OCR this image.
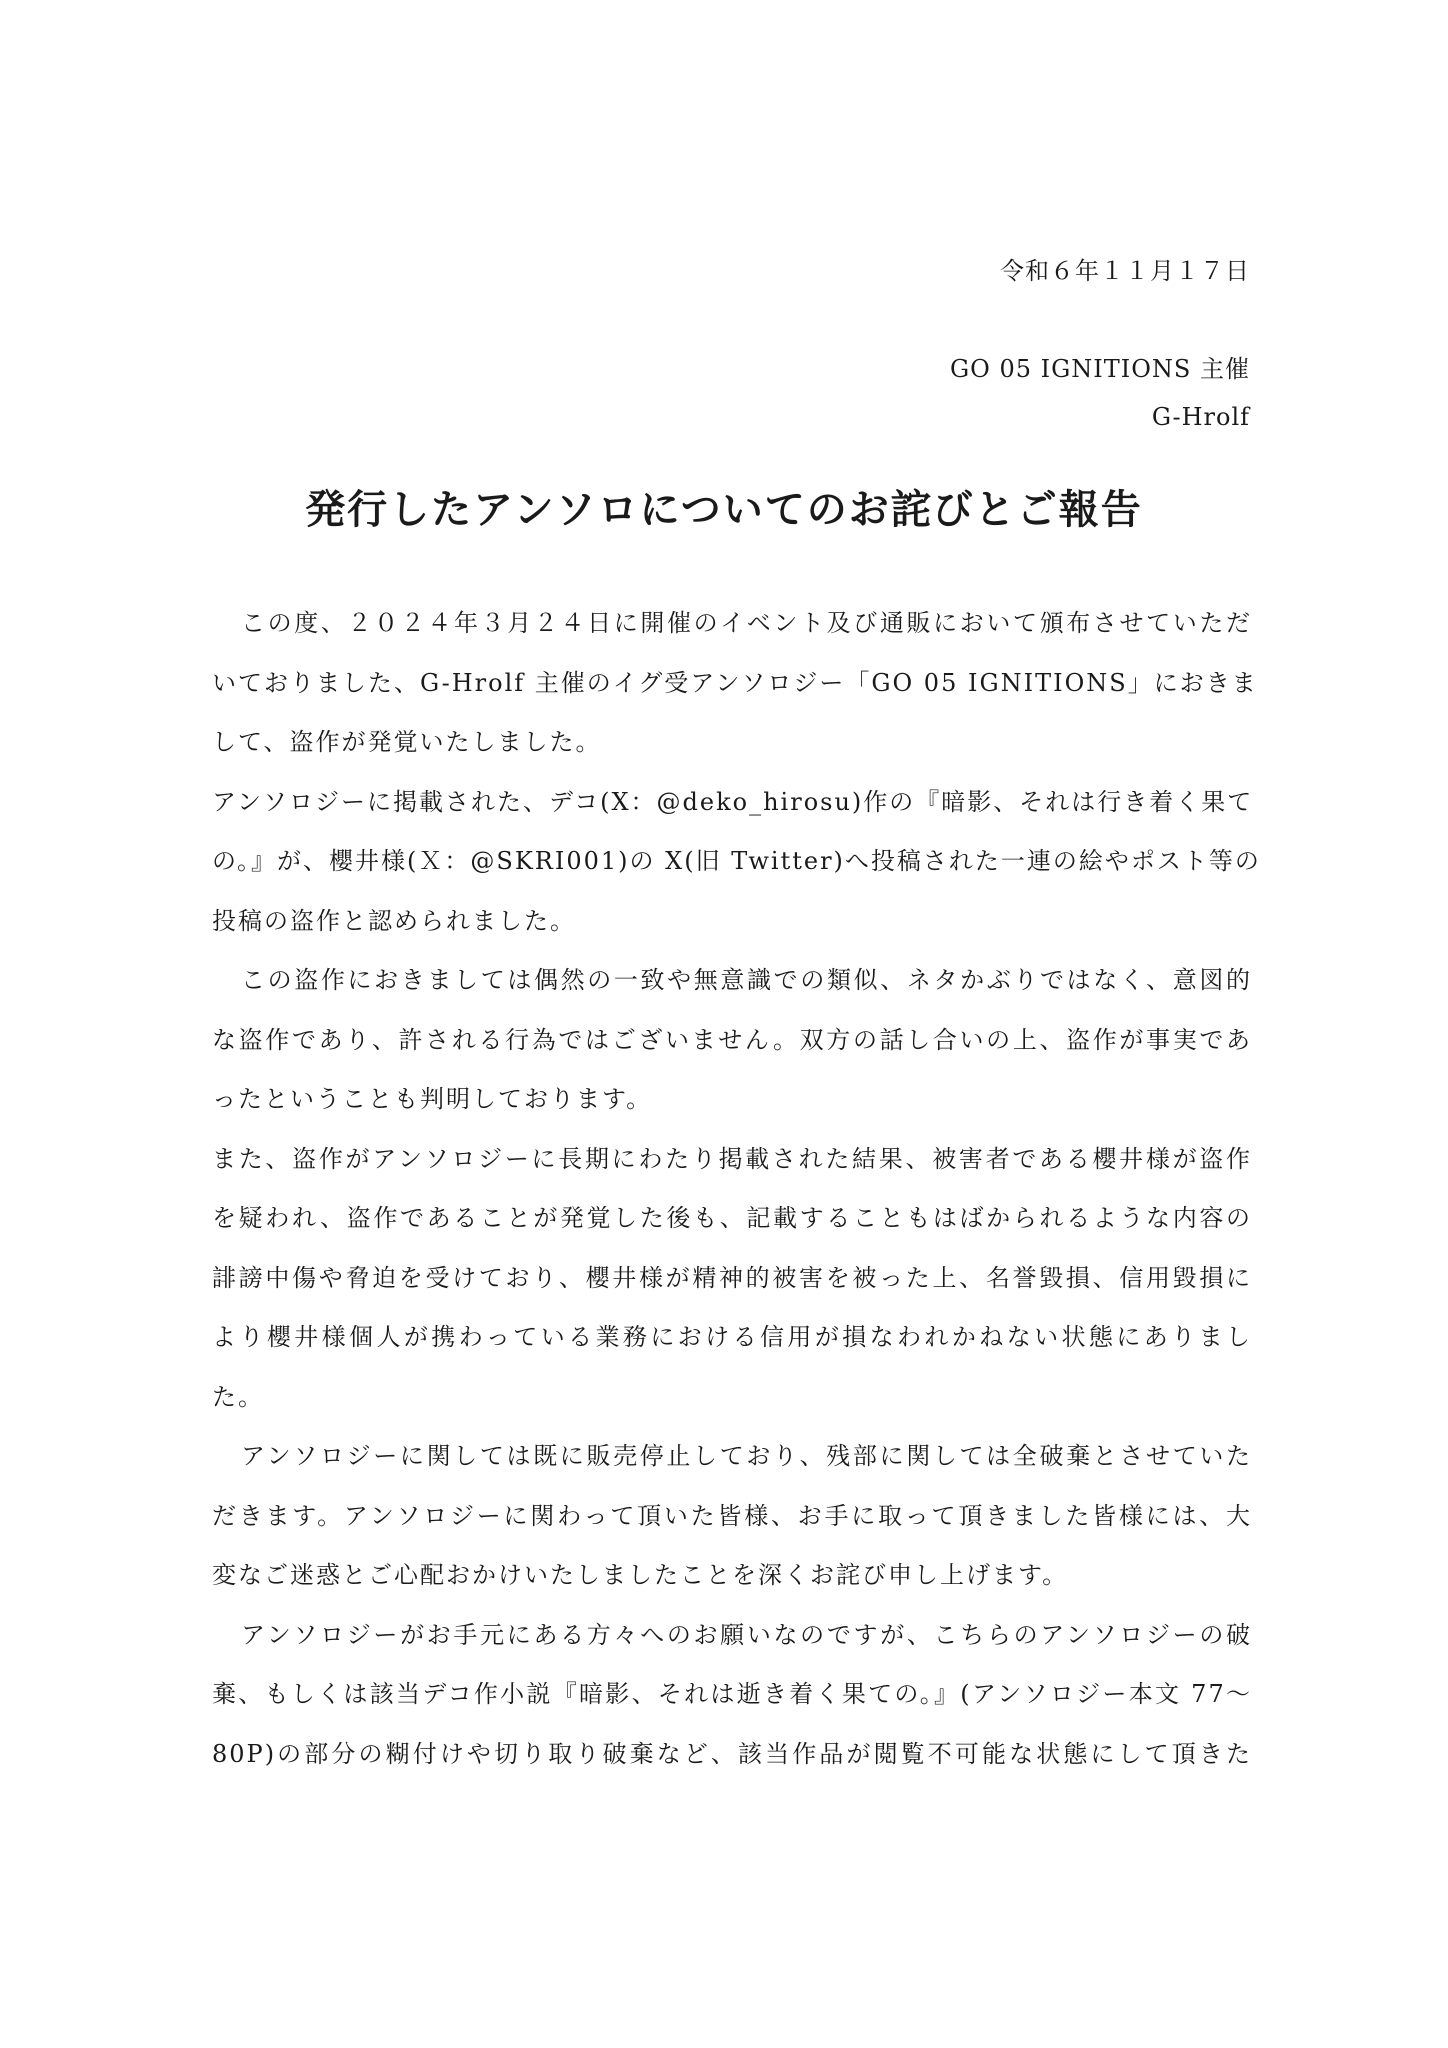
令和６年１１月１７日
GO 05 IGNITIONS 主催
G-Hrolf
発行したアンソロについてのお詫びとご報告
この度、２０２４年３月２４日に開催のイベント及び通販において頒布させていただ
いておりました、G-Hrolf 主催のイグ受アンソロジー「GO 05 IGNITIONS」におきま
して、盗作が発覚いたしました。
アンソロジーに掲載された、デコ(X：@deko_hirosu)作の『暗影、それは行き着く果て
の。』が、櫻井様(Ｘ：@SKRI001)の X(旧 Twitter)へ投稿された一連の絵やポスト等の
投稿の盗作と認められました。
この盗作におきましては偶然の一致や無意識での類似、ネタかぶりではなく、意図的
な盗作であり、許される行為ではございません。双方の話し合いの上、盗作が事実であ
ったということも判明しております。
また、盗作がアンソロジーに長期にわたり掲載された結果、被害者である櫻井様が盗作
を疑われ、盗作であることが発覚した後も、記載することもはばかられるような内容の
誹謗中傷や脅迫を受けており、櫻井様が精神的被害を被った上、名誉毀損、信用毀損に
より櫻井様個人が携わっている業務における信用が損なわれかねない状態にありまし
た。
アンソロジーに関しては既に販売停止しており、残部に関しては全破棄とさせていた
だきます。アンソロジーに関わって頂いた皆様、お手に取って頂きました皆様には、大
変なご迷惑とご心配おかけいたしましたことを深くお詫び申し上げます。
アンソロジーがお手元にある方々へのお願いなのですが、こちらのアンソロジーの破
棄、もしくは該当デコ作小説『暗影、それは逝き着く果ての。』(アンソロジー本文 77～
80P)の部分の糊付けや切り取り破棄など、該当作品が閲覧不可能な状態にして頂きた
